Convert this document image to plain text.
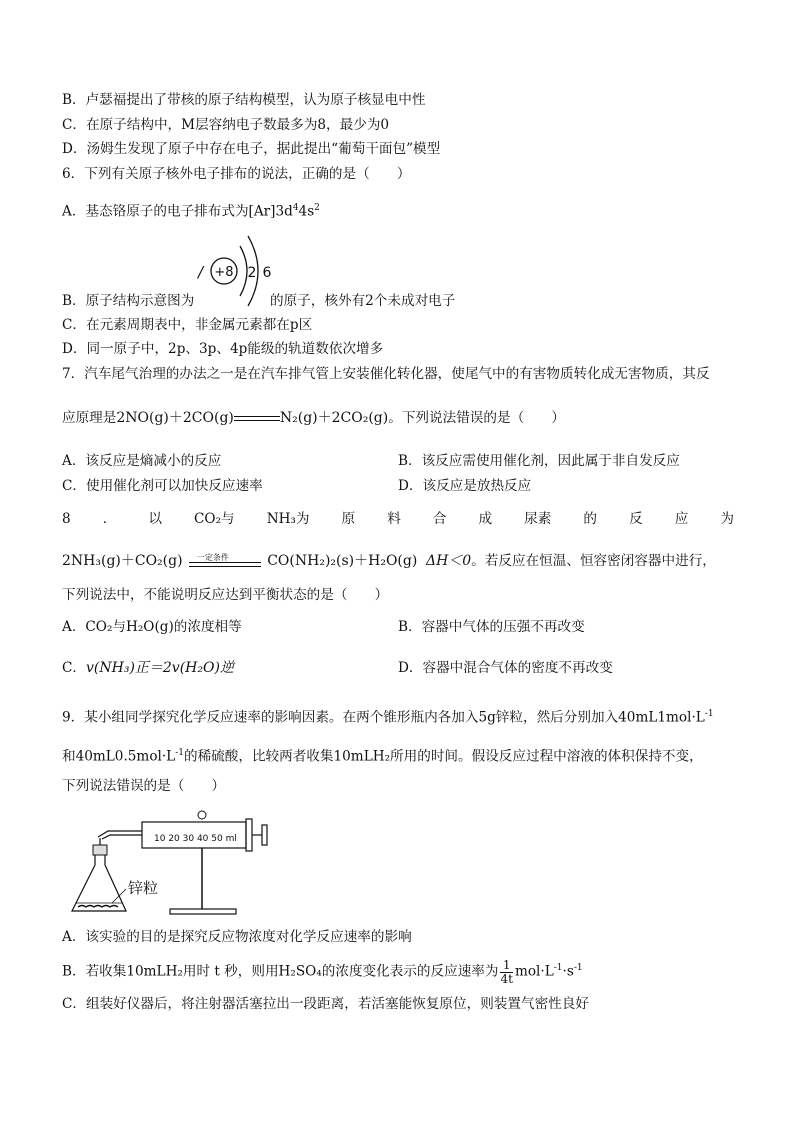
B．卢瑟福提出了带核的原子结构模型，认为原子核显电中性
C．在原子结构中，M层容纳电子数最多为8，最少为0
D．汤姆生发现了原子中存在电子，据此提出“葡萄干面包”模型
6．下列有关原子核外电子排布的说法，正确的是（　　）
A．基态铬原子的电子排布式为$[Ar]3d^44s^2$
/ +8 2 6
B．原子结构示意图为	的原子，核外有2个未成对电子
C．在元素周期表中，非金属元素都在p区
D．同一原子中，2p、3p、4p能级的轨道数依次增多
7．汽车尾气治理的办法之一是在汽车排气管上安装催化转化器，使尾气中的有害物质转化成无害物质，其反
应原理是2NO(g)＋2CO(g)	N₂(g)＋2CO₂(g)。下列说法错误的是（　　）
A．该反应是熵减小的反应	B．该反应需使用催化剂，因此属于非自发反应
C．使用催化剂可以加快反应速率	D．该反应是放热反应
8 ． 以 CO₂与 NH₃为 原 料 合 成 尿素 的 反 应 为
2NH₃(g)＋CO₂(g) 一定条件	CO(NH₂)₂(s)＋H₂O(g) ΔH＜0。若反应在恒温、恒容密闭容器中进行，
下列说法中，不能说明反应达到平衡状态的是（　　）
A．CO₂与H₂O(g)的浓度相等	B．容器中气体的压强不再改变
C．v(NH₃)正＝2v(H₂O)逆	D．容器中混合气体的密度不再改变
9．某小组同学探究化学反应速率的影响因素。在两个锥形瓶内各加入5g锌粒，然后分别加入$40mL1mol\cdot L^{-1}$
和$40mL0.5mol\cdot L^{-1}$的稀硫酸，比较两者收集10mLH₂所用的时间。假设反应过程中溶液的体积保持不变，
下列说法错误的是（　　）
10 20 30 40 50 ml
锌粒
A．该实验的目的是探究反应物浓度对化学反应速率的影响
B．若收集10mLH₂用时 t 秒，则用H₂SO₄的浓度变化表示的反应速率为 $\frac{1}{4t} mol\cdot L^{-1}\cdot s^{-1}$
C．组装好仪器后，将注射器活塞拉出一段距离，若活塞能恢复原位，则装置气密性良好
